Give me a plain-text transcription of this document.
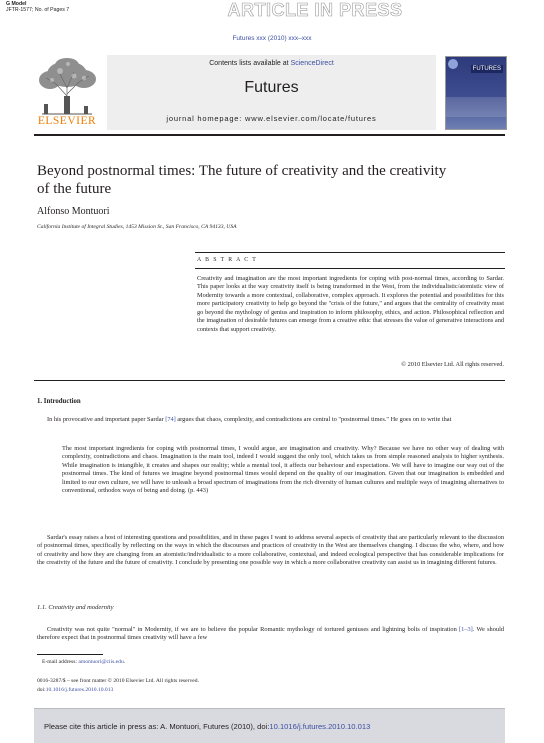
G Model
JFTR-1577; No. of Pages 7	ARTICLE IN PRESS
Futures xxx (2010) xxx–xxx
ELSEVIER
Contents lists available at ScienceDirect
Futures
journal homepage: www.elsevier.com/locate/futures
FUTURES
Beyond postnormal times: The future of creativity and the creativity of the future
Alfonso Montuori
California Institute of Integral Studies, 1453 Mission St., San Francisco, CA 94133, USA
A B S T R A C T
Creativity and imagination are the most important ingredients for coping with post-normal times, according to Sardar. This paper looks at the way creativity itself is being transformed in the West, from the individualistic/atomistic view of Modernity towards a more contextual, collaborative, complex approach. It explores the potential and possibilities for this more participatory creativity to help go beyond the "crisis of the future," and argues that the centrality of creativity must go beyond the mythology of genius and inspiration to inform philosophy, ethics, and action. Philosophical reflection and the imagination of desirable futures can emerge from a creative ethic that stresses the value of generative interactions and contexts that support creativity.
© 2010 Elsevier Ltd. All rights reserved.
1. Introduction
In his provocative and important paper Sardar [74] argues that chaos, complexity, and contradictions are central to "postnormal times." He goes on to write that
The most important ingredients for coping with postnormal times, I would argue, are imagination and creativity. Why? Because we have no other way of dealing with complexity, contradictions and chaos. Imagination is the main tool, indeed I would suggest the only tool, which takes us from simple reasoned analysis to higher synthesis. While imagination is intangible, it creates and shapes our reality; while a mental tool, it affects our behaviour and expectations. We will have to imagine our way out of the postnormal times. The kind of futures we imagine beyond postnormal times would depend on the quality of our imagination. Given that our imagination is embedded and limited to our own culture, we will have to unleash a broad spectrum of imaginations from the rich diversity of human cultures and multiple ways of imagining alternatives to conventional, orthodox ways of being and doing. (p. 443)
Sardar's essay raises a host of interesting questions and possibilities, and in these pages I want to address several aspects of creativity that are particularly relevant to the discussion of postnormal times, specifically by reflecting on the ways in which the discourses and practices of creativity in the West are themselves changing. I discuss the who, where, and how of creativity and how they are changing from an atomistic/individualistic to a more collaborative, contextual, and indeed ecological perspective that has considerable implications for the creativity of the future and the future of creativity. I conclude by presenting one possible way in which a more collaborative creativity can assist us in imagining different futures.
1.1. Creativity and modernity
Creativity was not quite "normal" in Modernity, if we are to believe the popular Romantic mythology of tortured geniuses and lightning bolts of inspiration [1–3]. We should therefore expect that in postnormal times creativity will have a few
E-mail address: amontuori@ciis.edu.
0016-3287/$ – see front matter © 2010 Elsevier Ltd. All rights reserved.
doi:10.1016/j.futures.2010.10.013
Please cite this article in press as: A. Montuori, Futures (2010), doi:10.1016/j.futures.2010.10.013
